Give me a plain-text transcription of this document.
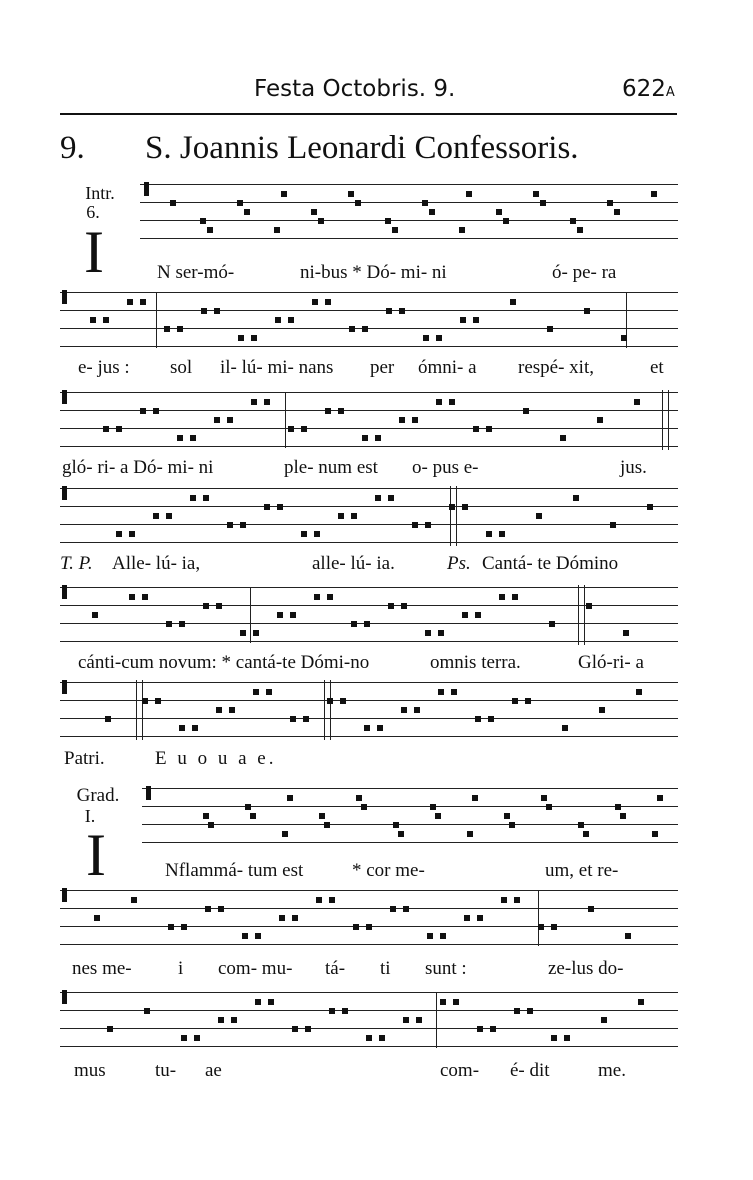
Festa Octobris. 9.	622A
9. S. Joannis Leonardi Confessoris.
Intr.
6.
I	N ser-mó-	ni-bus * Dó- mi- ni	ó- pe- ra
e- jus : sol il- lú- mi- nans per ómni- a respé- xit,	et
gló- ri- a Dó- mi- ni	ple- num est o- pus e-	jus.
T. P. Alle- lú- ia,	alle- lú- ia.	Ps. Cantá- te Dómino
cánti-cum novum: * cantá-te Dómi-no	omnis terra.	Gló-ri- a
Patri.	E u o u a e.
Grad.
I.
I	Nflammá- tum est	* cor me-	um, et re-
nes me- i com- mu- tá- ti sunt :	ze-lus do-
mus	tu- ae	com- é- dit	me.
